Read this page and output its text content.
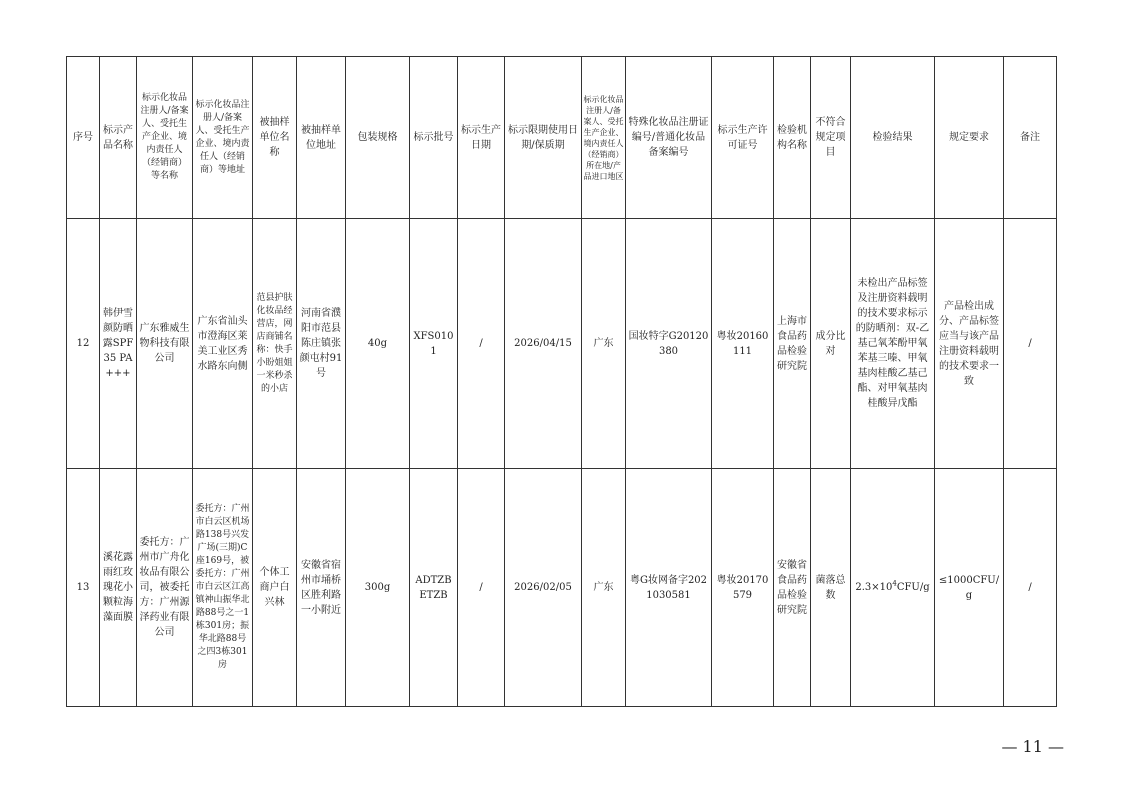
序号	标示产品名称	标示化妆品注册人/备案人、受托生产企业、境内责任人（经销商）等名称	标示化妆品注册人/备案人、受托生产企业、境内责任人（经销商）等地址	被抽样单位名称	被抽样单位地址	包装规格	标示批号	标示生产日期	标示限期使用日期/保质期	标示化妆品注册人/备案人、受托生产企业、境内责任人（经销商）所在地/产品进口地区	特殊化妆品注册证编号/普通化妆品备案编号	标示生产许可证号	检验机构名称	不符合规定项目	检验结果	规定要求	备注
12	韩伊雪颜防晒露SPF35 PA+++	广东雅威生物科技有限公司	广东省汕头市澄海区莱美工业区秀水路东向侧	范县护肤化妆品经营店，网店商铺名称：快手小盼姐姐一米秒杀的小店	河南省濮阳市范县陈庄镇张颜屯村91号	40g	XFS0101	/	2026/04/15	广东	国妆特字G20120380	粤妆20160111	上海市食品药品检验研究院	成分比对	未检出产品标签及注册资料载明的技术要求标示的防晒剂：双-乙基己氧苯酚甲氧苯基三嗪、甲氧基肉桂酸乙基己酯、对甲氧基肉桂酸异戊酯	产品检出成分、产品标签应当与该产品注册资料载明的技术要求一致	/
13	溪花露雨红玫瑰花小颗粒海藻面膜	委托方：广州市广舟化妆品有限公司，被委托方：广州源泽药业有限公司	委托方：广州市白云区机场路138号兴发广场(三期)C座169号，被委托方：广州市白云区江高镇神山振华北路88号之一1栋301房；振华北路88号之四3栋301房	个体工商户白兴林	安徽省宿州市埇桥区胜利路一小附近	300g	ADTZBETZB	/	2026/02/05	广东	粤G妆网备字2021030581	粤妆20170579	安徽省食品药品检验研究院	菌落总数	$2.3\times 10^4CFU/g$	≤1000CFU/g	/
— 11 —
